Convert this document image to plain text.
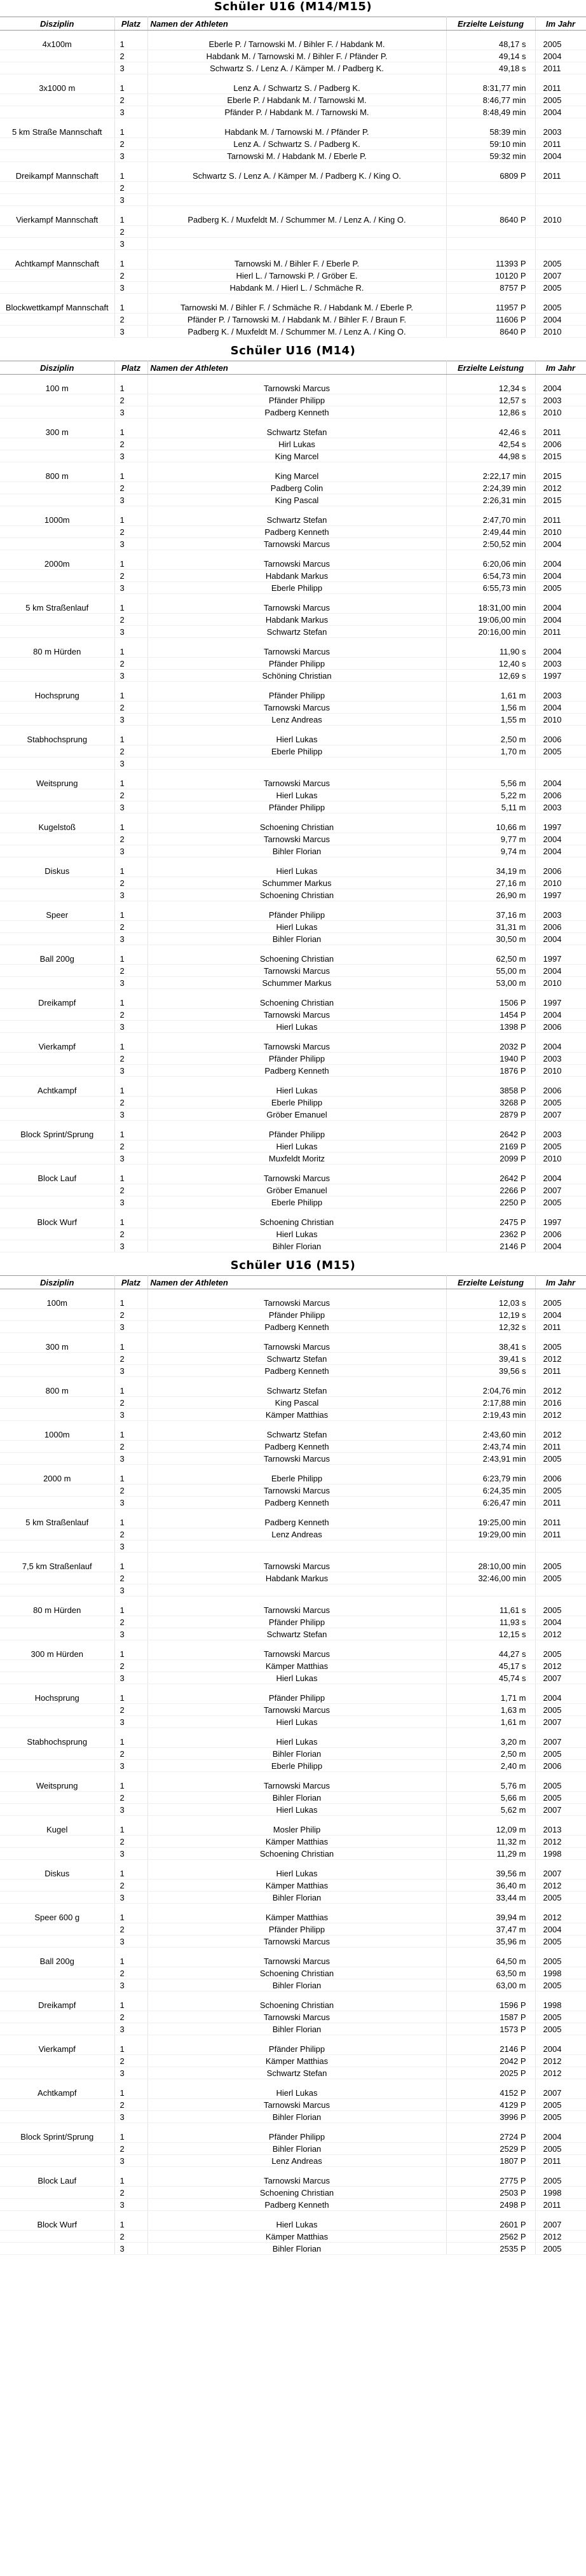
Schüler U16 (M14/M15)
Disziplin	Platz	Namen der Athleten	Erzielte Leistung	Im Jahr

4x100m	1	Eberle P. / Tarnowski M. / Bihler F. / Habdank M.	48,17 s	2005
	2	Habdank M. / Tarnowski M. / Bihler F. / Pfänder P.	49,14 s	2004
	3	Schwartz S. / Lenz A. / Kämper M. / Padberg K.	49,18 s	2011

3x1000 m	1	Lenz A. / Schwartz S. / Padberg K.	8:31,77 min	2011
	2	Eberle P. / Habdank M. / Tarnowski M.	8:46,77 min	2005
	3	Pfänder P. / Habdank M. / Tarnowski M.	8:48,49 min	2004

5 km Straße Mannschaft	1	Habdank M. / Tarnowski M. / Pfänder P.	58:39 min	2003
	2	Lenz A. / Schwartz S. / Padberg K.	59:10 min	2011
	3	Tarnowski M. / Habdank M. / Eberle P.	59:32 min	2004

Dreikampf Mannschaft	1	Schwartz S. / Lenz A. / Kämper M. / Padberg K. / King O.	6809 P	2011
	2			
	3			

Vierkampf Mannschaft	1	Padberg K. / Muxfeldt M. / Schummer M. / Lenz A. / King O.	8640 P	2010
	2			
	3			

Achtkampf Mannschaft	1	Tarnowski M. / Bihler F. / Eberle P.	11393 P	2005
	2	Hierl L. / Tarnowski P. / Gröber E.	10120 P	2007
	3	Habdank M. / Hierl L. / Schmäche R.	8757 P	2005

Blockwettkampf Mannschaft	1	Tarnowski M. / Bihler F. / Schmäche R. / Habdank M. / Eberle P.	11957 P	2005
	2	Pfänder P. / Tarnowski M. / Habdank M. / Bihler F. / Braun F.	11606 P	2004
	3	Padberg K. / Muxfeldt M. / Schummer M. / Lenz A. / King O.	8640 P	2010
Schüler U16 (M14)
Disziplin	Platz	Namen der Athleten	Erzielte Leistung	Im Jahr

100 m	1	Tarnowski Marcus	12,34 s	2004
	2	Pfänder Philipp	12,57 s	2003
	3	Padberg Kenneth	12,86 s	2010

300 m	1	Schwartz Stefan	42,46 s	2011
	2	Hirl Lukas	42,54 s	2006
	3	King Marcel	44,98 s	2015

800 m	1	King Marcel	2:22,17 min	2015
	2	Padberg Colin	2:24,39 min	2012
	3	King Pascal	2:26,31 min	2015

1000m	1	Schwartz Stefan	2:47,70 min	2011
	2	Padberg Kenneth	2:49,44 min	2010
	3	Tarnowski Marcus	2:50,52 min	2004

2000m	1	Tarnowski Marcus	6:20,06 min	2004
	2	Habdank Markus	6:54,73 min	2004
	3	Eberle Philipp	6:55,73 min	2005

5 km Straßenlauf	1	Tarnowski Marcus	18:31,00 min	2004
	2	Habdank Markus	19:06,00 min	2004
	3	Schwartz Stefan	20:16,00 min	2011

80 m Hürden	1	Tarnowski Marcus	11,90 s	2004
	2	Pfänder Philipp	12,40 s	2003
	3	Schöning Christian	12,69 s	1997

Hochsprung	1	Pfänder Philipp	1,61 m	2003
	2	Tarnowski Marcus	1,56 m	2004
	3	Lenz Andreas	1,55 m	2010

Stabhochsprung	1	Hierl Lukas	2,50 m	2006
	2	Eberle Philipp	1,70 m	2005
	3			

Weitsprung	1	Tarnowski Marcus	5,56 m	2004
	2	Hierl Lukas	5,22 m	2006
	3	Pfänder Philipp	5,11 m	2003

Kugelstoß	1	Schoening Christian	10,66 m	1997
	2	Tarnowski Marcus	9,77 m	2004
	3	Bihler Florian	9,74 m	2004

Diskus	1	Hierl Lukas	34,19 m	2006
	2	Schummer Markus	27,16 m	2010
	3	Schoening Christian	26,90 m	1997

Speer	1	Pfänder Philipp	37,16 m	2003
	2	Hierl Lukas	31,31 m	2006
	3	Bihler Florian	30,50 m	2004

Ball 200g	1	Schoening Christian	62,50 m	1997
	2	Tarnowski Marcus	55,00 m	2004
	3	Schummer Markus	53,00 m	2010

Dreikampf	1	Schoening Christian	1506 P	1997
	2	Tarnowski Marcus	1454 P	2004
	3	Hierl Lukas	1398 P	2006

Vierkampf	1	Tarnowski Marcus	2032 P	2004
	2	Pfänder Philipp	1940 P	2003
	3	Padberg Kenneth	1876 P	2010

Achtkampf	1	Hierl Lukas	3858 P	2006
	2	Eberle Philipp	3268 P	2005
	3	Gröber Emanuel	2879 P	2007

Block Sprint/Sprung	1	Pfänder Philipp	2642 P	2003
	2	Hierl Lukas	2169 P	2005
	3	Muxfeldt Moritz	2099 P	2010

Block Lauf	1	Tarnowski Marcus	2642 P	2004
	2	Gröber Emanuel	2266 P	2007
	3	Eberle Philipp	2250 P	2005

Block Wurf	1	Schoening Christian	2475 P	1997
	2	Hierl Lukas	2362 P	2006
	3	Bihler Florian	2146 P	2004
Schüler U16 (M15)
Disziplin	Platz	Namen der Athleten	Erzielte Leistung	Im Jahr

100m	1	Tarnowski Marcus	12,03 s	2005
	2	Pfänder Philipp	12,19 s	2004
	3	Padberg Kenneth	12,32 s	2011

300 m	1	Tarnowski Marcus	38,41 s	2005
	2	Schwartz Stefan	39,41 s	2012
	3	Padberg Kenneth	39,56 s	2011

800 m	1	Schwartz Stefan	2:04,76 min	2012
	2	King Pascal	2:17,88 min	2016
	3	Kämper Matthias	2:19,43 min	2012

1000m	1	Schwartz Stefan	2:43,60 min	2012
	2	Padberg Kenneth	2:43,74 min	2011
	3	Tarnowski Marcus	2:43,91 min	2005

2000 m	1	Eberle Philipp	6:23,79 min	2006
	2	Tarnowski Marcus	6:24,35 min	2005
	3	Padberg Kenneth	6:26,47 min	2011

5 km Straßenlauf	1	Padberg Kenneth	19:25,00 min	2011
	2	Lenz Andreas	19:29,00 min	2011
	3			

7,5 km Straßenlauf	1	Tarnowski Marcus	28:10,00 min	2005
	2	Habdank Markus	32:46,00 min	2005
	3			

80 m Hürden	1	Tarnowski Marcus	11,61 s	2005
	2	Pfänder Philipp	11,93 s	2004
	3	Schwartz Stefan	12,15 s	2012

300 m Hürden	1	Tarnowski Marcus	44,27 s	2005
	2	Kämper Matthias	45,17 s	2012
	3	Hierl Lukas	45,74 s	2007

Hochsprung	1	Pfänder Philipp	1,71 m	2004
	2	Tarnowski Marcus	1,63 m	2005
	3	Hierl Lukas	1,61 m	2007

Stabhochsprung	1	Hierl Lukas	3,20 m	2007
	2	Bihler Florian	2,50 m	2005
	3	Eberle Philipp	2,40 m	2006

Weitsprung	1	Tarnowski Marcus	5,76 m	2005
	2	Bihler Florian	5,66 m	2005
	3	Hierl Lukas	5,62 m	2007

Kugel	1	Mosler Philip	12,09 m	2013
	2	Kämper Matthias	11,32 m	2012
	3	Schoening Christian	11,29 m	1998

Diskus	1	Hierl Lukas	39,56 m	2007
	2	Kämper Matthias	36,40 m	2012
	3	Bihler Florian	33,44 m	2005

Speer 600 g	1	Kämper Matthias	39,94 m	2012
	2	Pfänder Philipp	37,47 m	2004
	3	Tarnowski Marcus	35,96 m	2005

Ball 200g	1	Tarnowski Marcus	64,50 m	2005
	2	Schoening Christian	63,50 m	1998
	3	Bihler Florian	63,00 m	2005

Dreikampf	1	Schoening Christian	1596 P	1998
	2	Tarnowski Marcus	1587 P	2005
	3	Bihler Florian	1573 P	2005

Vierkampf	1	Pfänder Philipp	2146 P	2004
	2	Kämper Matthias	2042 P	2012
	3	Schwartz Stefan	2025 P	2012

Achtkampf	1	Hierl Lukas	4152 P	2007
	2	Tarnowski Marcus	4129 P	2005
	3	Bihler Florian	3996 P	2005

Block Sprint/Sprung	1	Pfänder Philipp	2724 P	2004
	2	Bihler Florian	2529 P	2005
	3	Lenz Andreas	1807 P	2011

Block Lauf	1	Tarnowski Marcus	2775 P	2005
	2	Schoening Christian	2503 P	1998
	3	Padberg Kenneth	2498 P	2011

Block Wurf	1	Hierl Lukas	2601 P	2007
	2	Kämper Matthias	2562 P	2012
	3	Bihler Florian	2535 P	2005
